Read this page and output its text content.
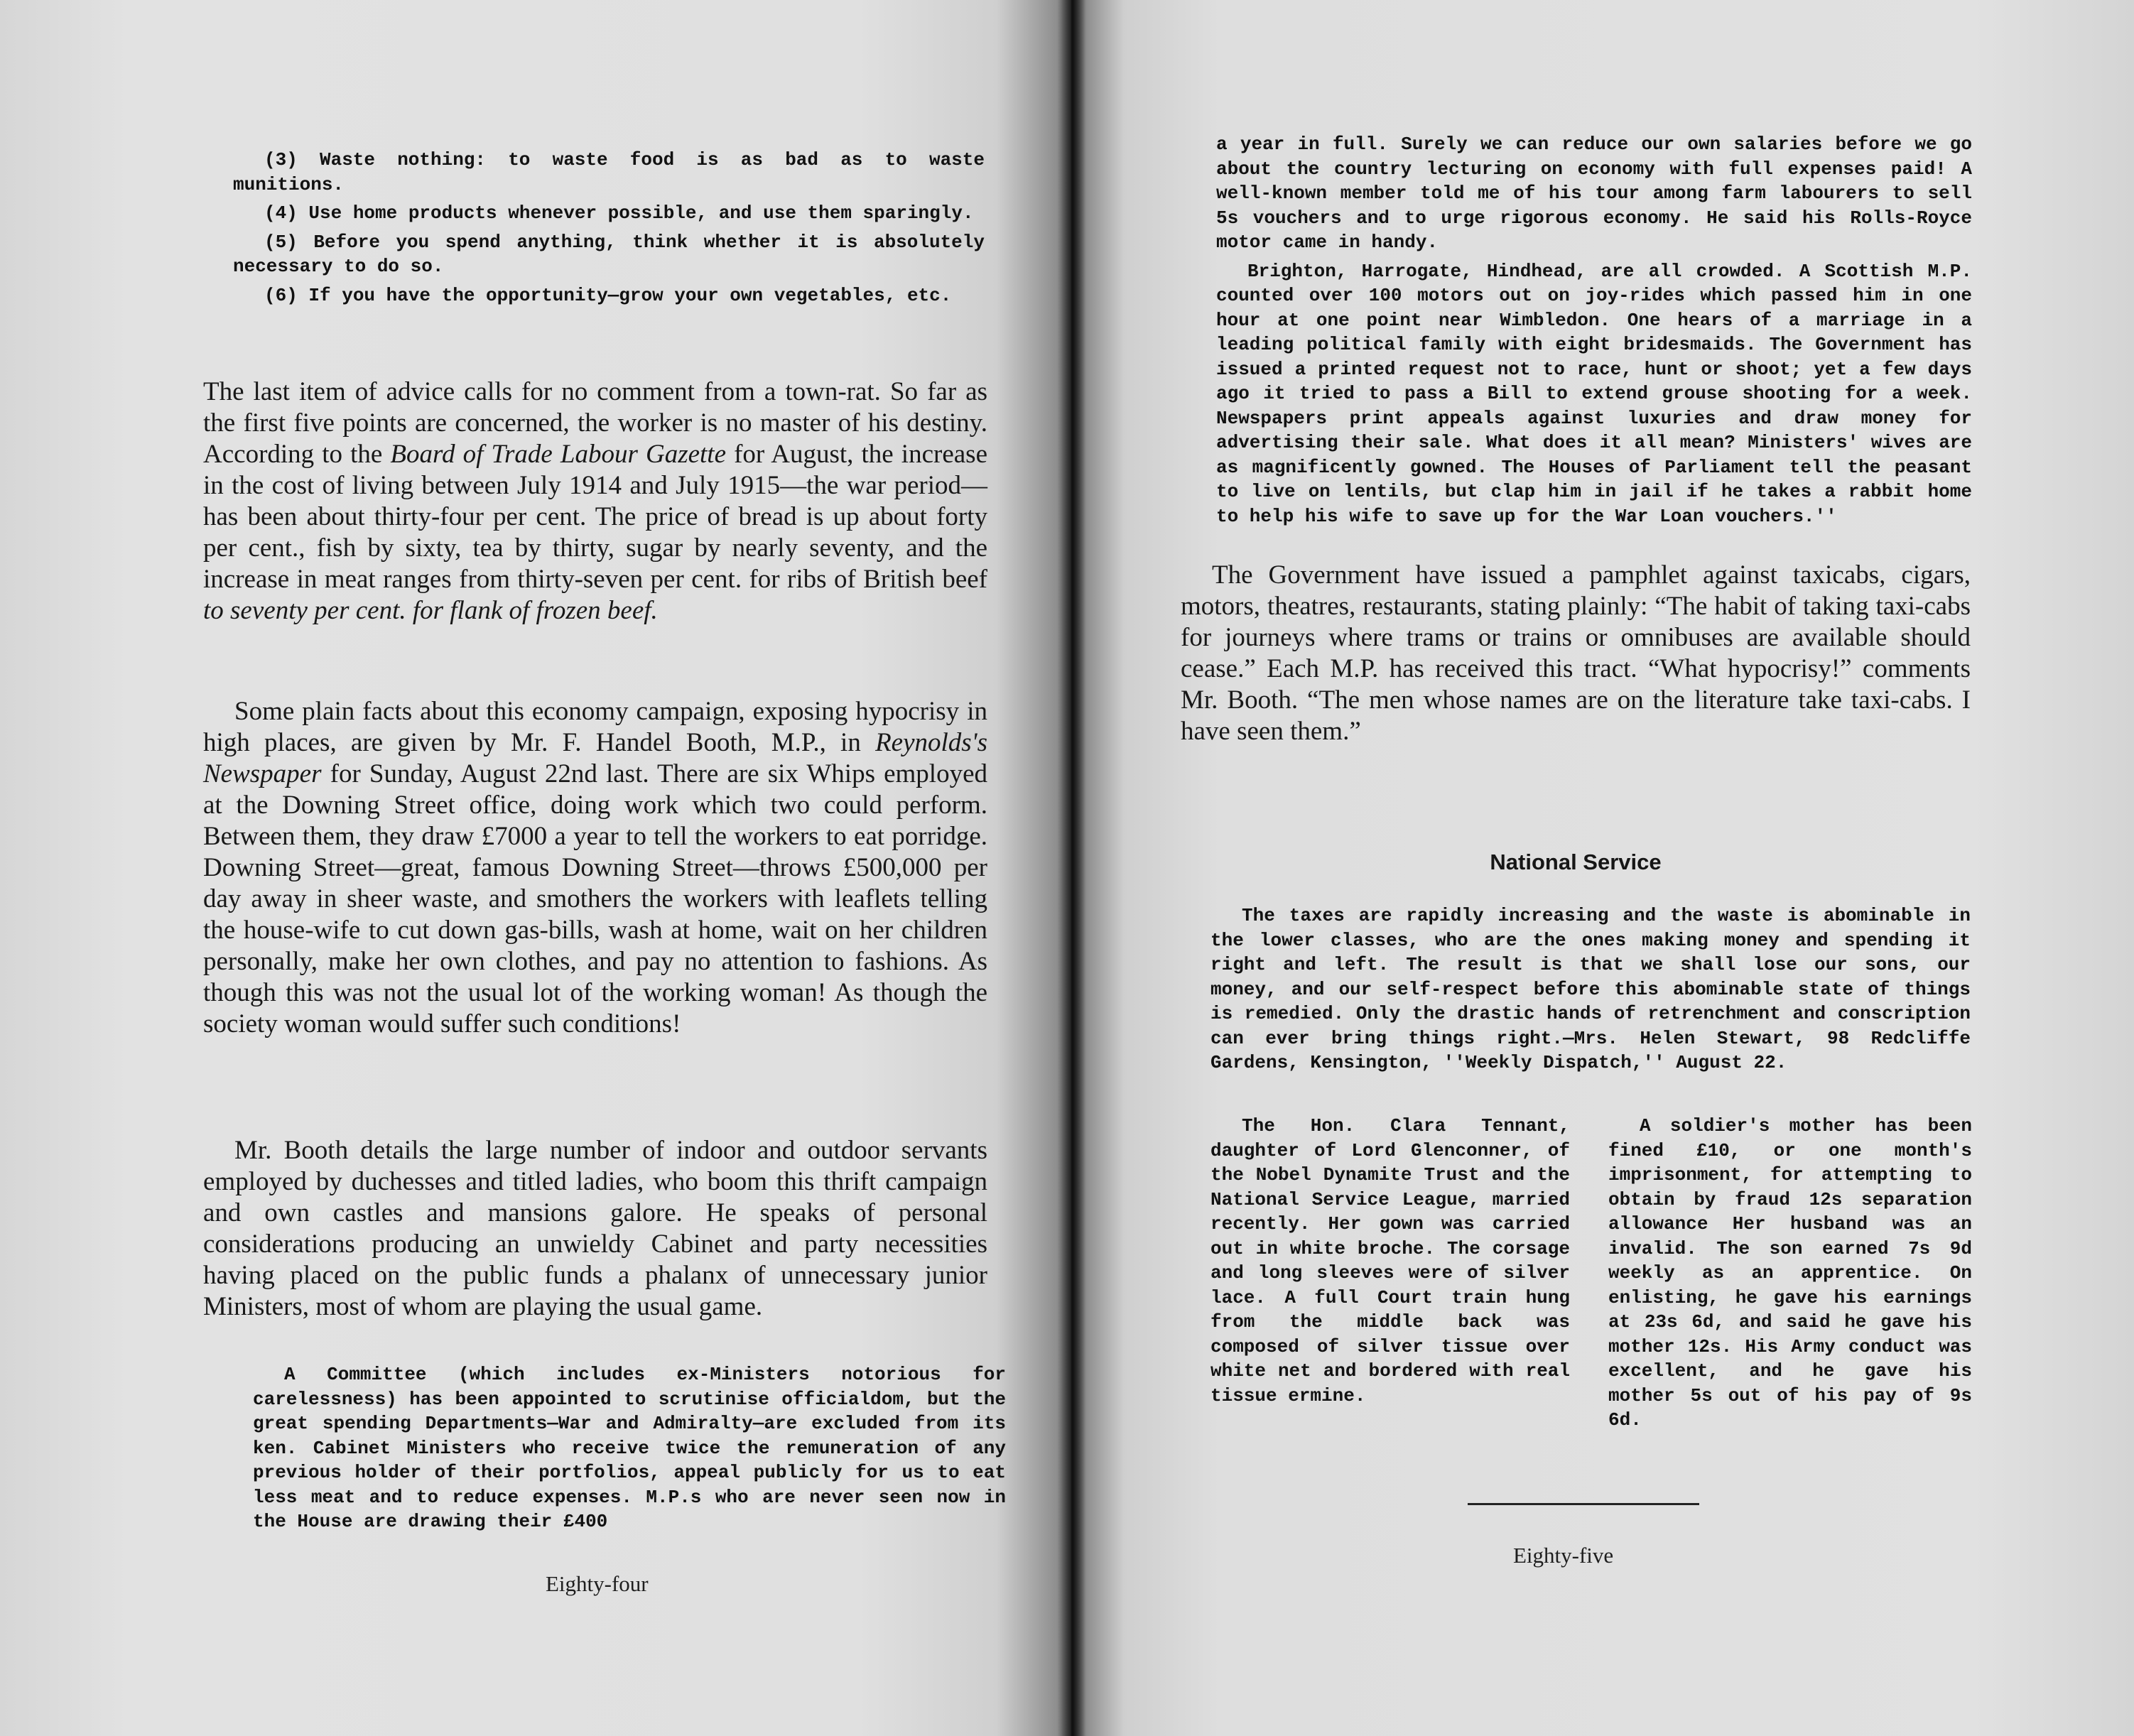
(3) Waste nothing: to waste food is as bad as to waste munitions.

(4) Use home products whenever possible, and use them sparingly.

(5) Before you spend anything, think whether it is absolutely necessary to do so.

(6) If you have the opportunity—grow your own vegetables, etc.

The last item of advice calls for no comment from a town-rat. So far as the first five points are concerned, the worker is no master of his destiny. According to the Board of Trade Labour Gazette for August, the increase in the cost of living between July 1914 and July 1915—the war period—has been about thirty-four per cent. The price of bread is up about forty per cent., fish by sixty, tea by thirty, sugar by nearly seventy, and the increase in meat ranges from thirty-seven per cent. for ribs of British beef to seventy per cent. for flank of frozen beef.

Some plain facts about this economy campaign, exposing hypocrisy in high places, are given by Mr. F. Handel Booth, M.P., in Reynolds's Newspaper for Sunday, August 22nd last. There are six Whips employed at the Downing Street office, doing work which two could perform. Between them, they draw £7000 a year to tell the workers to eat porridge. Downing Street—great, famous Downing Street—throws £500,000 per day away in sheer waste, and smothers the workers with leaflets telling the house-wife to cut down gas-bills, wash at home, wait on her children personally, make her own clothes, and pay no attention to fashions. As though this was not the usual lot of the working woman! As though the society woman would suffer such conditions!

Mr. Booth details the large number of indoor and outdoor servants employed by duchesses and titled ladies, who boom this thrift campaign and own castles and mansions galore. He speaks of personal considerations producing an unwieldy Cabinet and party necessities having placed on the public funds a phalanx of unnecessary junior Ministers, most of whom are playing the usual game.

A Committee (which includes ex-Ministers notorious for carelessness) has been appointed to scrutinise officialdom, but the great spending Departments—War and Admiralty—are excluded from its ken. Cabinet Ministers who receive twice the remuneration of any previous holder of their portfolios, appeal publicly for us to eat less meat and to reduce expenses. M.P.s who are never seen now in the House are drawing their £400

Eighty-four

a year in full. Surely we can reduce our own salaries before we go about the country lecturing on economy with full expenses paid! A well-known member told me of his tour among farm labourers to sell 5s vouchers and to urge rigorous economy. He said his Rolls-Royce motor came in handy.

Brighton, Harrogate, Hindhead, are all crowded. A Scottish M.P. counted over 100 motors out on joy-rides which passed him in one hour at one point near Wimbledon. One hears of a marriage in a leading political family with eight bridesmaids. The Government has issued a printed request not to race, hunt or shoot; yet a few days ago it tried to pass a Bill to extend grouse shooting for a week. Newspapers print appeals against luxuries and draw money for advertising their sale. What does it all mean? Ministers' wives are as magnificently gowned. The Houses of Parliament tell the peasant to live on lentils, but clap him in jail if he takes a rabbit home to help his wife to save up for the War Loan vouchers.''

The Government have issued a pamphlet against taxicabs, cigars, motors, theatres, restaurants, stating plainly: “The habit of taking taxi-cabs for journeys where trams or trains or omnibuses are available should cease.” Each M.P. has received this tract. “What hypocrisy!” comments Mr. Booth. “The men whose names are on the literature take taxi-cabs. I have seen them.”

National Service

The taxes are rapidly increasing and the waste is abominable in the lower classes, who are the ones making money and spending it right and left. The result is that we shall lose our sons, our money, and our self-respect before this abominable state of things is remedied. Only the drastic hands of retrenchment and conscription can ever bring things right.—Mrs. Helen Stewart, 98 Redcliffe Gardens, Kensington, ''Weekly Dispatch,'' August 22.

The Hon. Clara Tennant, daughter of Lord Glenconner, of the Nobel Dynamite Trust and the National Service League, married recently. Her gown was carried out in white broche. The corsage and long sleeves were of silver lace. A full Court train hung from the middle back was composed of silver tissue over white net and bordered with real tissue ermine.

A soldier's mother has been fined £10, or one month's imprisonment, for attempting to obtain by fraud 12s separation allowance Her husband was an invalid. The son earned 7s 9d weekly as an apprentice. On enlisting, he gave his earnings at 23s 6d, and said he gave his mother 12s. His Army conduct was excellent, and he gave his mother 5s out of his pay of 9s 6d.

Eighty-five
